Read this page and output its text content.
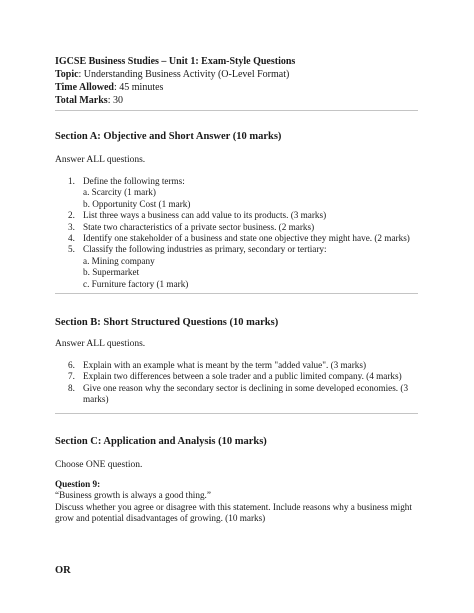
IGCSE Business Studies – Unit 1: Exam-Style Questions
Topic: Understanding Business Activity (O-Level Format)
Time Allowed: 45 minutes
Total Marks: 30
Section A: Objective and Short Answer (10 marks)
Answer ALL questions.
1. Define the following terms:
a. Scarcity (1 mark)
b. Opportunity Cost (1 mark)
2. List three ways a business can add value to its products. (3 marks)
3. State two characteristics of a private sector business. (2 marks)
4. Identify one stakeholder of a business and state one objective they might have. (2 marks)
5. Classify the following industries as primary, secondary or tertiary:
a. Mining company
b. Supermarket
c. Furniture factory (1 mark)
Section B: Short Structured Questions (10 marks)
Answer ALL questions.
6. Explain with an example what is meant by the term "added value". (3 marks)
7. Explain two differences between a sole trader and a public limited company. (4 marks)
8. Give one reason why the secondary sector is declining in some developed economies. (3 marks)
Section C: Application and Analysis (10 marks)
Choose ONE question.
Question 9:
“Business growth is always a good thing.”
Discuss whether you agree or disagree with this statement. Include reasons why a business might grow and potential disadvantages of growing. (10 marks)
OR
